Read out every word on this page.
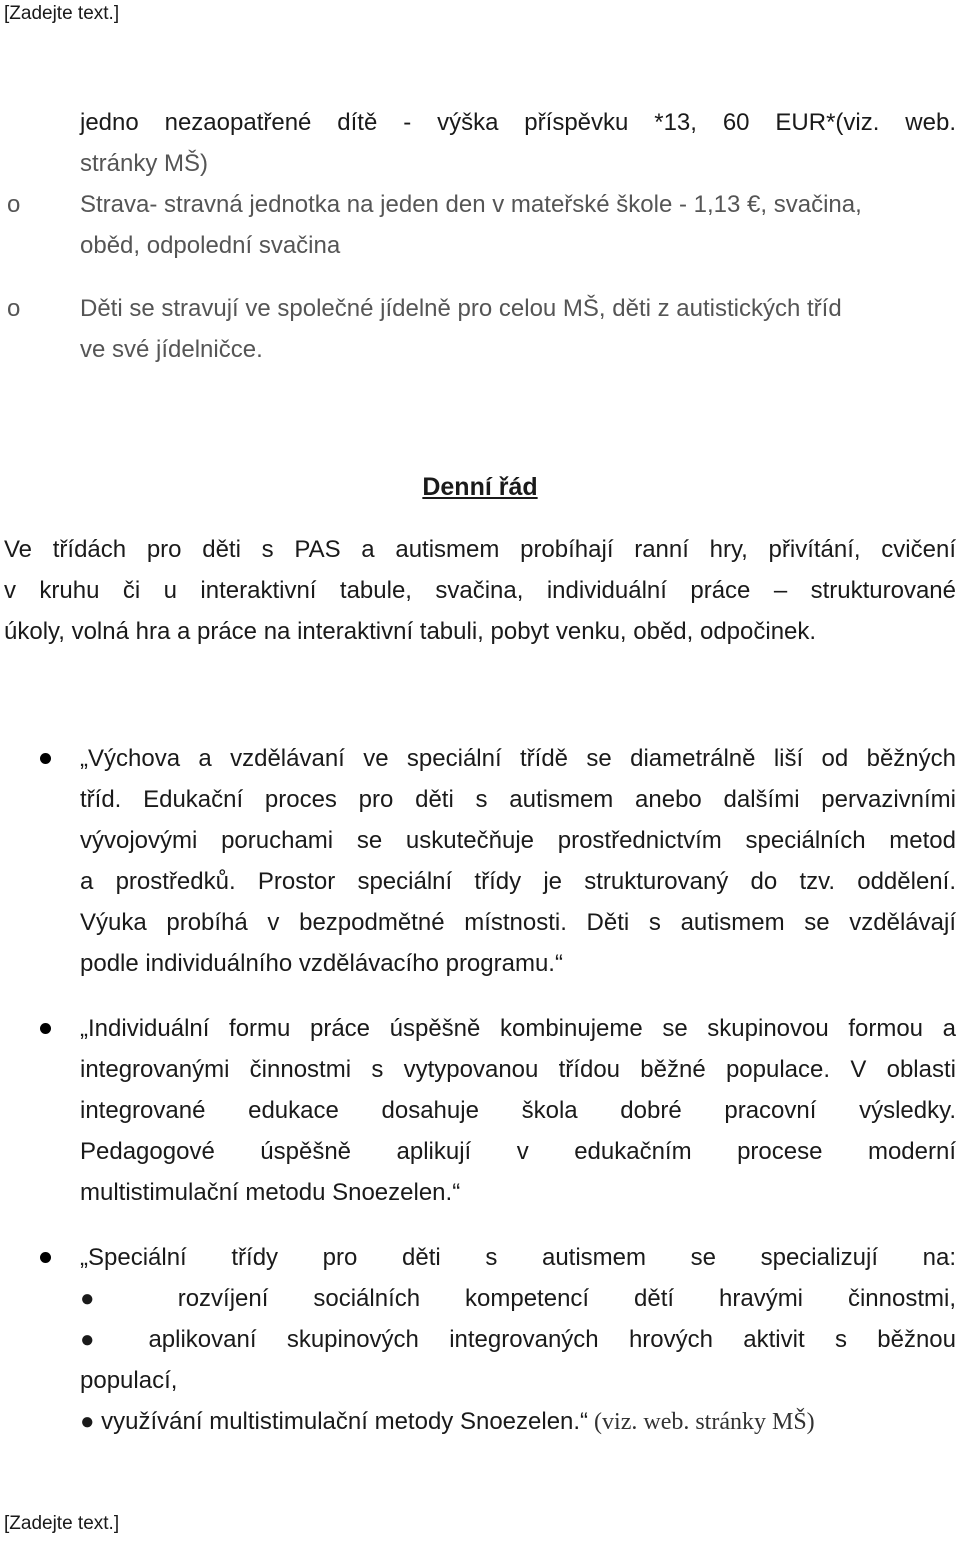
[Zadejte text.]
jedno nezaopatřené dítě - výška příspěvku *13, 60 EUR*(viz. web.
stránky MŠ)
o Strava- stravná jednotka na jeden den v mateřské škole - 1,13 €, svačina,
oběd, odpolední svačina
o Děti se stravují ve společné jídelně pro celou MŠ, děti z autistických tříd
ve své jídelničce.
Denní řád
Ve třídách pro děti s PAS a autismem probíhají ranní hry, přivítání, cvičení
v kruhu či u interaktivní tabule, svačina, individuální práce – strukturované
úkoly, volná hra a práce na interaktivní tabuli, pobyt venku, oběd, odpočinek.
„Výchova a vzdělávaní ve speciální třídě se diametrálně liší od běžných
tříd. Edukační proces pro děti s autismem anebo dalšími pervazivními
vývojovými poruchami se uskutečňuje prostřednictvím speciálních metod
a prostředků. Prostor speciální třídy je strukturovaný do tzv. oddělení.
Výuka probíhá v bezpodmětné místnosti. Děti s autismem se vzdělávají
podle individuálního vzdělávacího programu.“
„Individuální formu práce úspěšně kombinujeme se skupinovou formou a
integrovanými činnostmi s vytypovanou třídou běžné populace. V oblasti
integrované edukace dosahuje škola dobré pracovní výsledky.
Pedagogové úspěšně aplikují v edukačním procese moderní
multistimulační metodu Snoezelen.“
„Speciální třídy pro děti s autismem se specializují na:
● rozvíjení sociálních kompetencí dětí hravými činnostmi,
● aplikovaní skupinových integrovaných hrových aktivit s běžnou
populací,
● využívání multistimulační metody Snoezelen.“ (viz. web. stránky MŠ)
[Zadejte text.]
